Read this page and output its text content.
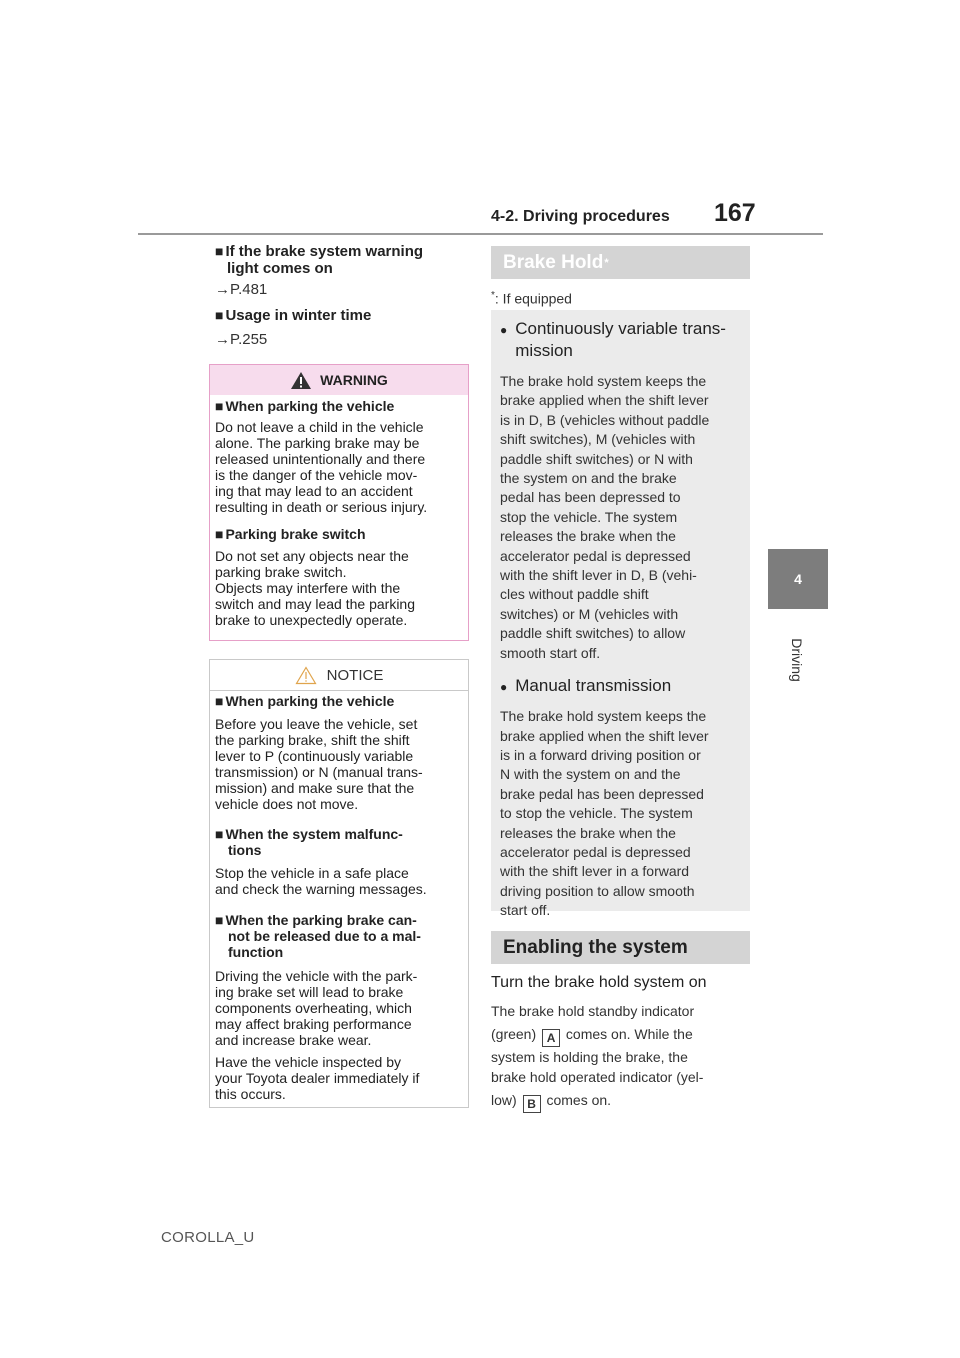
4-2. Driving procedures	167
4
Driving
■ If the brake system warning
light comes on
→P.481
■ Usage in winter time
→P.255
WARNING
■ When parking the vehicle
Do not leave a child in the vehicle
alone. The parking brake may be
released unintentionally and there
is the danger of the vehicle mov-
ing that may lead to an accident
resulting in death or serious injury.
■ Parking brake switch
Do not set any objects near the
parking brake switch.
Objects may interfere with the
switch and may lead the parking
brake to unexpectedly operate.
NOTICE
■ When parking the vehicle
Before you leave the vehicle, set
the parking brake, shift the shift
lever to P (continuously variable
transmission) or N (manual trans-
mission) and make sure that the
vehicle does not move.
■ When the system malfunc-
tions
Stop the vehicle in a safe place
and check the warning messages.
■ When the parking brake can-
not be released due to a mal-
function
Driving the vehicle with the park-
ing brake set will lead to brake
components overheating, which
may affect braking performance
and increase brake wear.
Have the vehicle inspected by
your Toyota dealer immediately if
this occurs.
Brake Hold *
*: If equipped
● Continuously variable trans-
mission
The brake hold system keeps the
brake applied when the shift lever
is in D, B (vehicles without paddle
shift switches), M (vehicles with
paddle shift switches) or N with
the system on and the brake
pedal has been depressed to
stop the vehicle. The system
releases the brake when the
accelerator pedal is depressed
with the shift lever in D, B (vehi-
cles without paddle shift
switches) or M (vehicles with
paddle shift switches) to allow
smooth start off.
● Manual transmission
The brake hold system keeps the
brake applied when the shift lever
is in a forward driving position or
N with the system on and the
brake pedal has been depressed
to stop the vehicle. The system
releases the brake when the
accelerator pedal is depressed
with the shift lever in a forward
driving position to allow smooth
start off.
Enabling the system
Turn the brake hold system on
The brake hold standby indicator
(green) A comes on. While the
system is holding the brake, the
brake hold operated indicator (yel-
low) B comes on.
COROLLA_U
